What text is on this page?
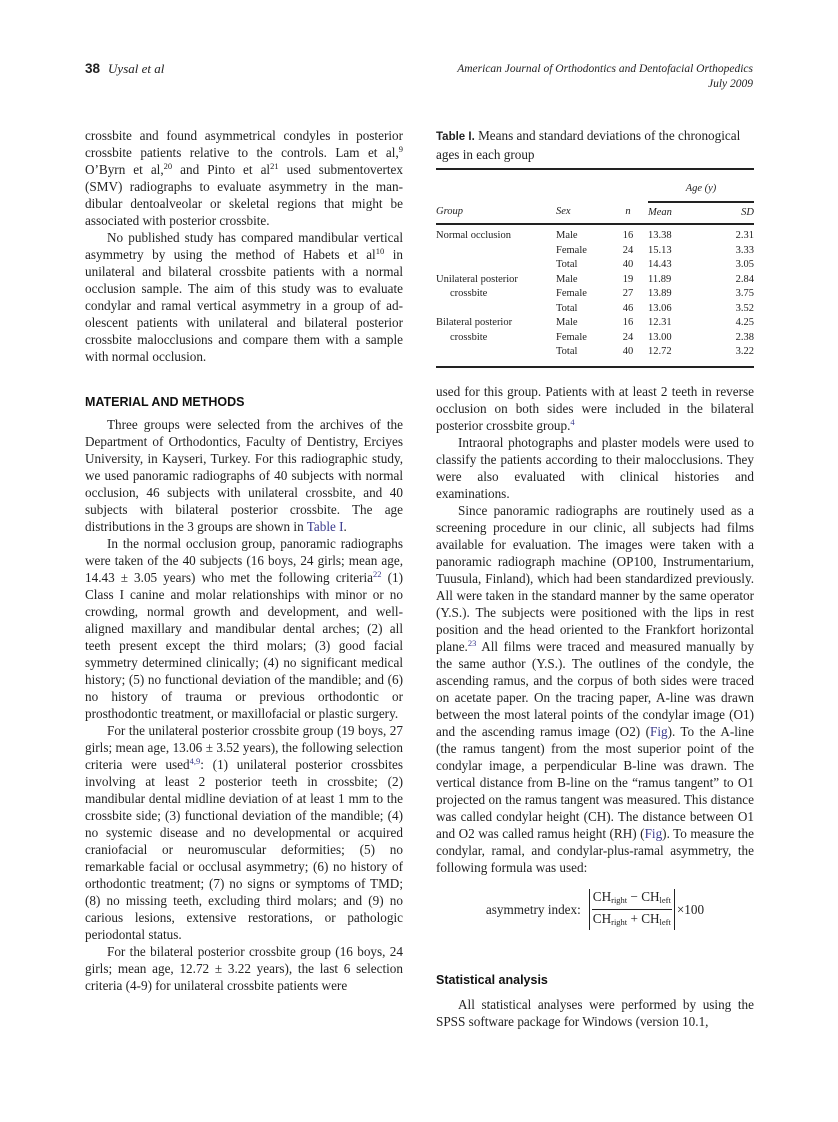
38 Uysal et al	American Journal of Orthodontics and Dentofacial Orthopedics
July 2009

crossbite and found asymmetrical condyles in posterior crossbite patients relative to the controls. Lam et al,$^9$ O’Byrn et al,$^{20}$ and Pinto et $al^{21}$ used submentovertex (SMV) radiographs to evaluate asymmetry in the mandibular dentoalveolar or skeletal regions that might be associated with posterior crossbite.

No published study has compared mandibular vertical asymmetry by using the method of Habets et $al^{10}$ in unilateral and bilateral crossbite patients with a normal occlusion sample. The aim of this study was to evaluate condylar and ramal vertical asymmetry in a group of adolescent patients with unilateral and bilateral posterior crossbite malocclusions and compare them with a sample with normal occlusion.

MATERIAL AND METHODS

Three groups were selected from the archives of the Department of Orthodontics, Faculty of Dentistry, Erciyes University, in Kayseri, Turkey. For this radiographic study, we used panoramic radiographs of 40 subjects with normal occlusion, 46 subjects with unilateral crossbite, and 40 subjects with bilateral posterior crossbite. The age distributions in the 3 groups are shown in Table I.

In the normal occlusion group, panoramic radiographs were taken of the 40 subjects (16 boys, 24 girls; mean age, 14.43 ± 3.05 years) who met the following criteria$^{22}$ (1) Class I canine and molar relationships with minor or no crowding, normal growth and development, and well-aligned maxillary and mandibular dental arches; (2) all teeth present except the third molars; (3) good facial symmetry determined clinically; (4) no significant medical history; (5) no functional deviation of the mandible; and (6) no history of trauma or previous orthodontic or prosthodontic treatment, or maxillofacial or plastic surgery.

For the unilateral posterior crossbite group (19 boys, 27 girls; mean age, 13.06 ± 3.52 years), the following selection criteria were used$^{4,9}$: (1) unilateral posterior crossbites involving at least 2 posterior teeth in crossbite; (2) mandibular dental midline deviation of at least 1 mm to the crossbite side; (3) functional deviation of the mandible; (4) no systemic disease and no developmental or acquired craniofacial or neuromuscular deformities; (5) no remarkable facial or occlusal asymmetry; (6) no history of orthodontic treatment; (7) no signs or symptoms of TMD; (8) no missing teeth, excluding third molars; and (9) no carious lesions, extensive restorations, or pathologic periodontal status.

For the bilateral posterior crossbite group (16 boys, 24 girls; mean age, 12.72 ± 3.22 years), the last 6 selection criteria (4-9) for unilateral crossbite patients were

Table I. Means and standard deviations of the chronogical ages in each group
			Age (y)	
Group	Sex	n	Mean	SD
Normal occlusion	Male	16	13.38	2.31
	Female	24	15.13	3.33
	Total	40	14.43	3.05
Unilateral posterior	Male	19	11.89	2.84
crossbite	Female	27	13.89	3.75
	Total	46	13.06	3.52
Bilateral posterior	Male	16	12.31	4.25
crossbite	Female	24	13.00	2.38
	Total	40	12.72	3.22

used for this group. Patients with at least 2 teeth in reverse occlusion on both sides were included in the bilateral posterior crossbite group.$^4$

Intraoral photographs and plaster models were used to classify the patients according to their malocclusions. They were also evaluated with clinical histories and examinations.

Since panoramic radiographs are routinely used as a screening procedure in our clinic, all subjects had films available for evaluation. The images were taken with a panoramic radiograph machine (OP100, Instrumentarium, Tuusula, Finland), which had been standardized previously. All were taken in the standard manner by the same operator (Y.S.). The subjects were positioned with the lips in rest position and the head oriented to the Frankfort horizontal plane.$^{23}$ All films were traced and measured manually by the same author (Y.S.). The outlines of the condyle, the ascending ramus, and the corpus of both sides were traced on acetate paper. On the tracing paper, A-line was drawn between the most lateral points of the condylar image (O1) and the ascending ramus image (O2) (Fig). To the A-line (the ramus tangent) from the most superior point of the condylar image, a perpendicular B-line was drawn. The vertical distance from B-line on the “ramus tangent” to O1 projected on the ramus tangent was measured. This distance was called condylar height (CH). The distance between O1 and O2 was called ramus height (RH) (Fig). To measure the condylar, ramal, and condylar-plus-ramal asymmetry, the following formula was used:

asymmetry index:
$CH_{right} - CH_{left}$
$CH_{right} + CH_{left}$
×100
Statistical analysis

All statistical analyses were performed by using the SPSS software package for Windows (version 10.1,
